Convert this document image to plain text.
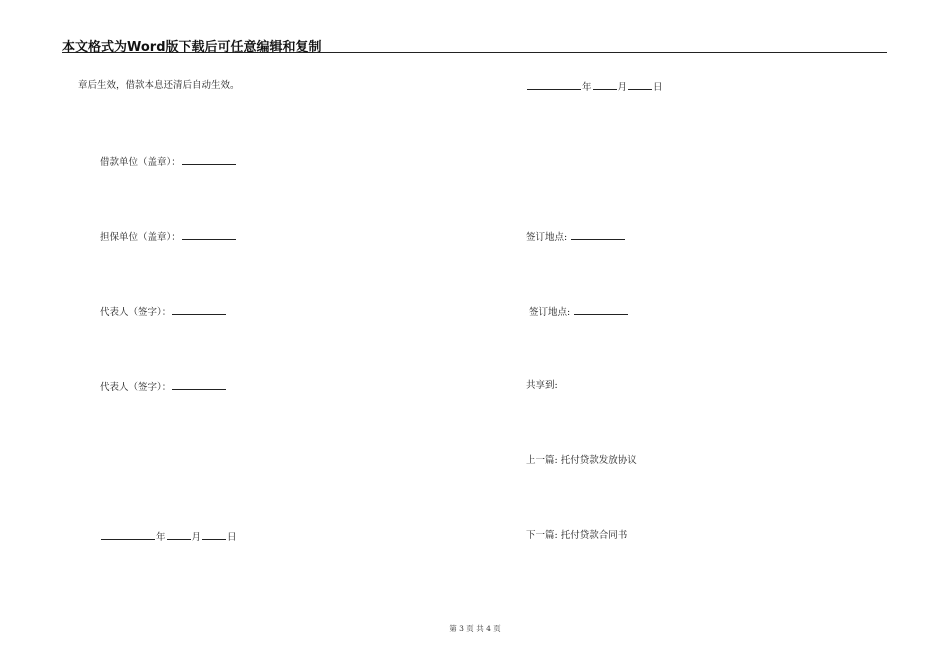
本文格式为Word版下载后可任意编辑和复制
章后生效，借款本息还清后自动生效。
借款单位（盖章）：
担保单位（盖章）：
代表人（签字）：
代表人（签字）：
年	月	日
年	月	日
签订地点:
签订地点:
共享到:
上一篇: 托付贷款发放协议
下一篇: 托付贷款合同书
第 3 页 共 4 页
